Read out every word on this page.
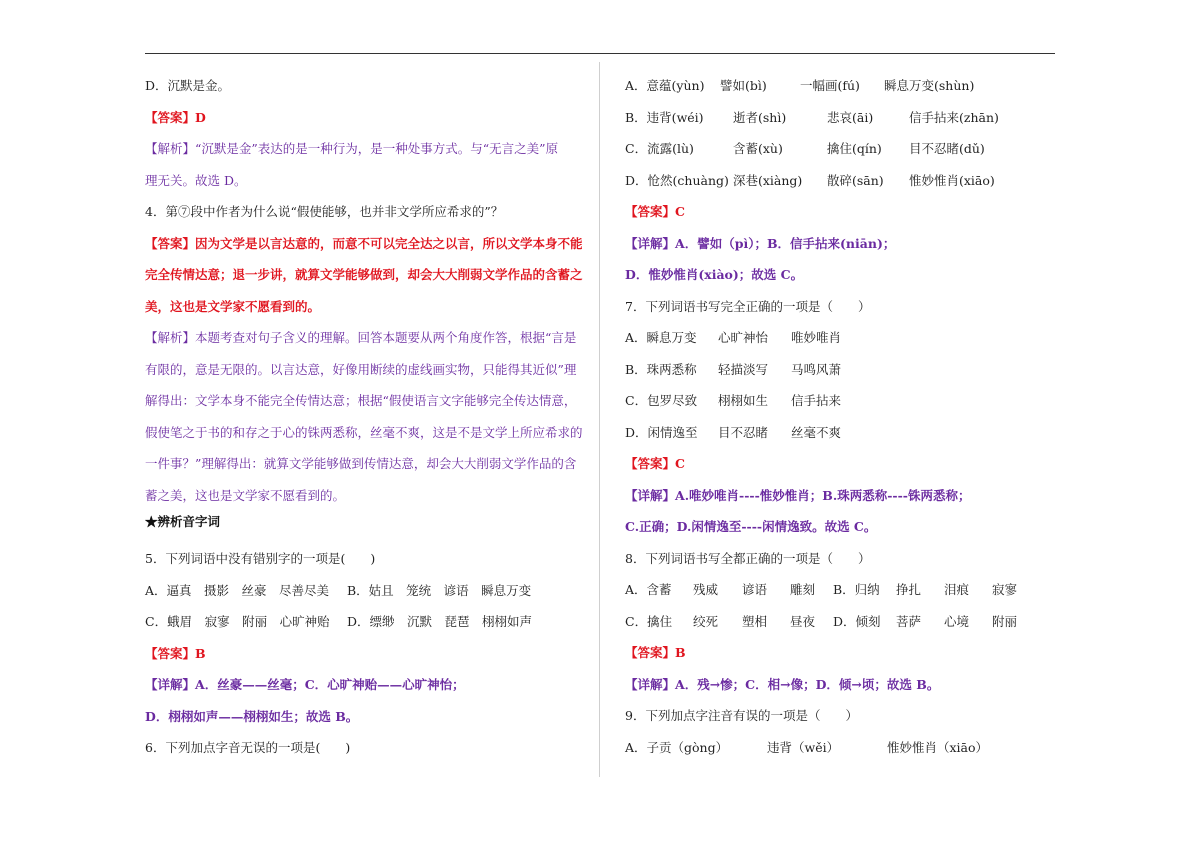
D．沉默是金。
【答案】D
【解析】“沉默是金”表达的是一种行为，是一种处事方式。与“无言之美”原
理无关。故选 D。
4．第⑦段中作者为什么说“假使能够，也并非文学所应希求的”？
【答案】因为文学是以言达意的，而意不可以完全达之以言，所以文学本身不能
完全传情达意；退一步讲，就算文学能够做到，却会大大削弱文学作品的含蓄之
美，这也是文学家不愿看到的。
【解析】本题考查对句子含义的理解。回答本题要从两个角度作答，根据“言是
有限的，意是无限的。以言达意，好像用断续的虚线画实物，只能得其近似”理
解得出：文学本身不能完全传情达意；根据“假使语言文字能够完全传达情意，
假使笔之于书的和存之于心的铢两悉称，丝毫不爽，这是不是文学上所应希求的
一件事？”理解得出：就算文学能够做到传情达意，却会大大削弱文学作品的含
蓄之美，这也是文学家不愿看到的。
★辨析音字词
5．下列词语中没有错别字的一项是(　　)
A．逼真　摄影　丝豪　尽善尽美 B．姑且　笼统　谚语　瞬息万变
C．蛾眉　寂寥　附丽　心旷神贻 D．缥缈　沉默　琵琶　栩栩如声
【答案】B
【详解】A．丝豪——丝毫；C．心旷神贻——心旷神怡；
D．栩栩如声——栩栩如生；故选 B。
6．下列加点字音无误的一项是(　　)
A．意蕴(yùn) 譬如(bì)	一幅画(fú) 瞬息万变(shùn)
B．违背(wéi) 逝者(shì)	悲哀(āi)	信手拈来(zhān)
C．流露(lù)	含蓄(xù)	擒住(qín) 目不忍睹(dǔ)
D．怆然(chuàng) 深巷(xiàng) 散碎(sān) 惟妙惟肖(xiāo)
【答案】C
【详解】A．譬如（pì）；B．信手拈来(niān)；
D．惟妙惟肖(xiào)；故选 C。
7．下列词语书写完全正确的一项是（　　）
A．瞬息万变 心旷神怡 唯妙唯肖
B．珠两悉称 轻描淡写 马鸣风萧
C．包罗尽致 栩栩如生 信手拈来
D．闲情逸至 目不忍睹 丝毫不爽
【答案】C
【详解】A.唯妙唯肖----惟妙惟肖；B.珠两悉称----铢两悉称；
C.正确；D.闲情逸至----闲情逸致。故选 C。
8．下列词语书写全都正确的一项是（　　）
A．含蓄 残威 谚语 雕刻 B．归纳 挣扎 泪痕 寂寥
C．擒住 绞死 塑相 昼夜 D．倾刻 菩萨 心境 附丽
【答案】B
【详解】A．残→惨；C．相→像；D．倾→顷；故选 B。
9．下列加点字注音有误的一项是（　　）
A．子贡（gòng）	违背（wěi）	惟妙惟肖（xiāo）
